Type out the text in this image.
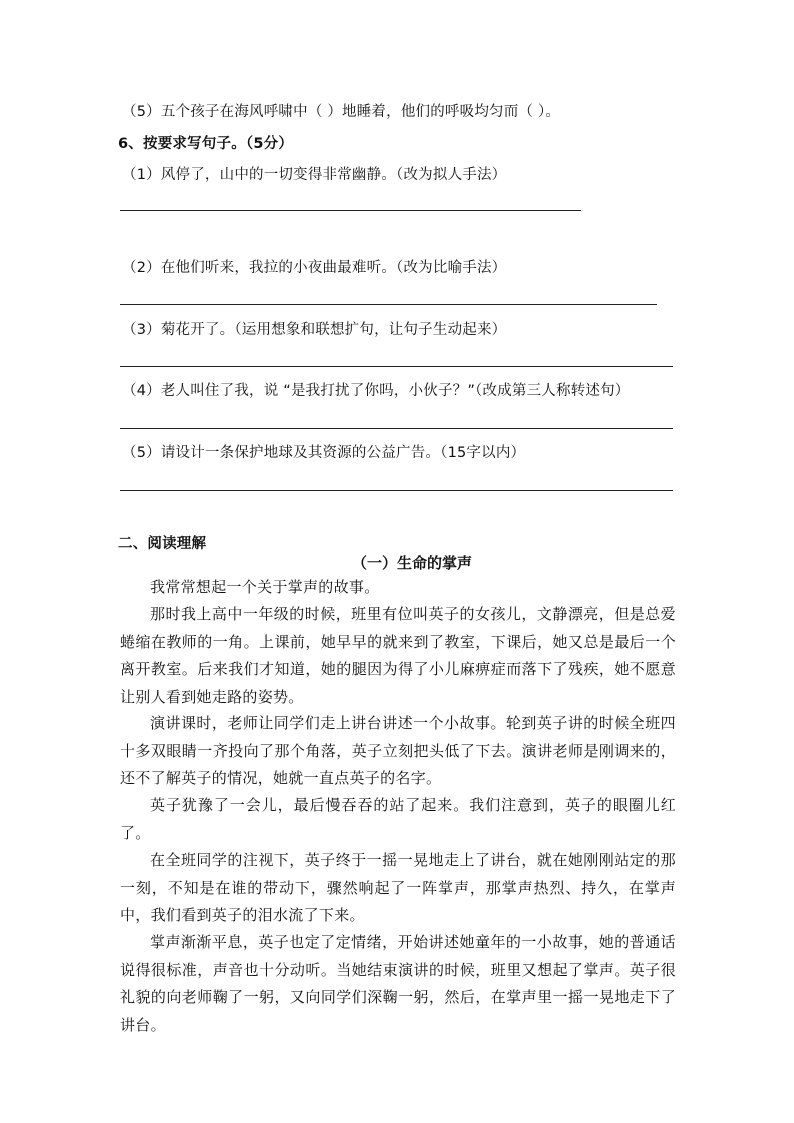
（5）五个孩子在海风呼啸中（ ）地睡着，他们的呼吸均匀而（ ）。
6、按要求写句子。（5分）
（1）风停了，山中的一切变得非常幽静。（改为拟人手法）
（2）在他们听来，我拉的小夜曲最难听。（改为比喻手法）
（3）菊花开了。（运用想象和联想扩句，让句子生动起来）
（4）老人叫住了我，说 “是我打扰了你吗，小伙子？”（改成第三人称转述句）
（5）请设计一条保护地球及其资源的公益广告。（15字以内）
二、阅读理解
（一）生命的掌声
我常常想起一个关于掌声的故事。
那时我上高中一年级的时候，班里有位叫英子的女孩儿，文静漂亮，但是总爱蜷缩在教师的一角。上课前，她早早的就来到了教室，下课后，她又总是最后一个离开教室。后来我们才知道，她的腿因为得了小儿麻痹症而落下了残疾，她不愿意让别人看到她走路的姿势。
演讲课时，老师让同学们走上讲台讲述一个小故事。轮到英子讲的时候全班四十多双眼睛一齐投向了那个角落，英子立刻把头低了下去。演讲老师是刚调来的，还不了解英子的情况，她就一直点英子的名字。
英子犹豫了一会儿，最后慢吞吞的站了起来。我们注意到，英子的眼圈儿红了。
在全班同学的注视下，英子终于一摇一晃地走上了讲台，就在她刚刚站定的那一刻，不知是在谁的带动下，骤然响起了一阵掌声，那掌声热烈、持久，在掌声中，我们看到英子的泪水流了下来。
掌声渐渐平息，英子也定了定情绪，开始讲述她童年的一小故事，她的普通话说得很标准，声音也十分动听。当她结束演讲的时候，班里又想起了掌声。英子很礼貌的向老师鞠了一躬，又向同学们深鞠一躬，然后，在掌声里一摇一晃地走下了讲台。
